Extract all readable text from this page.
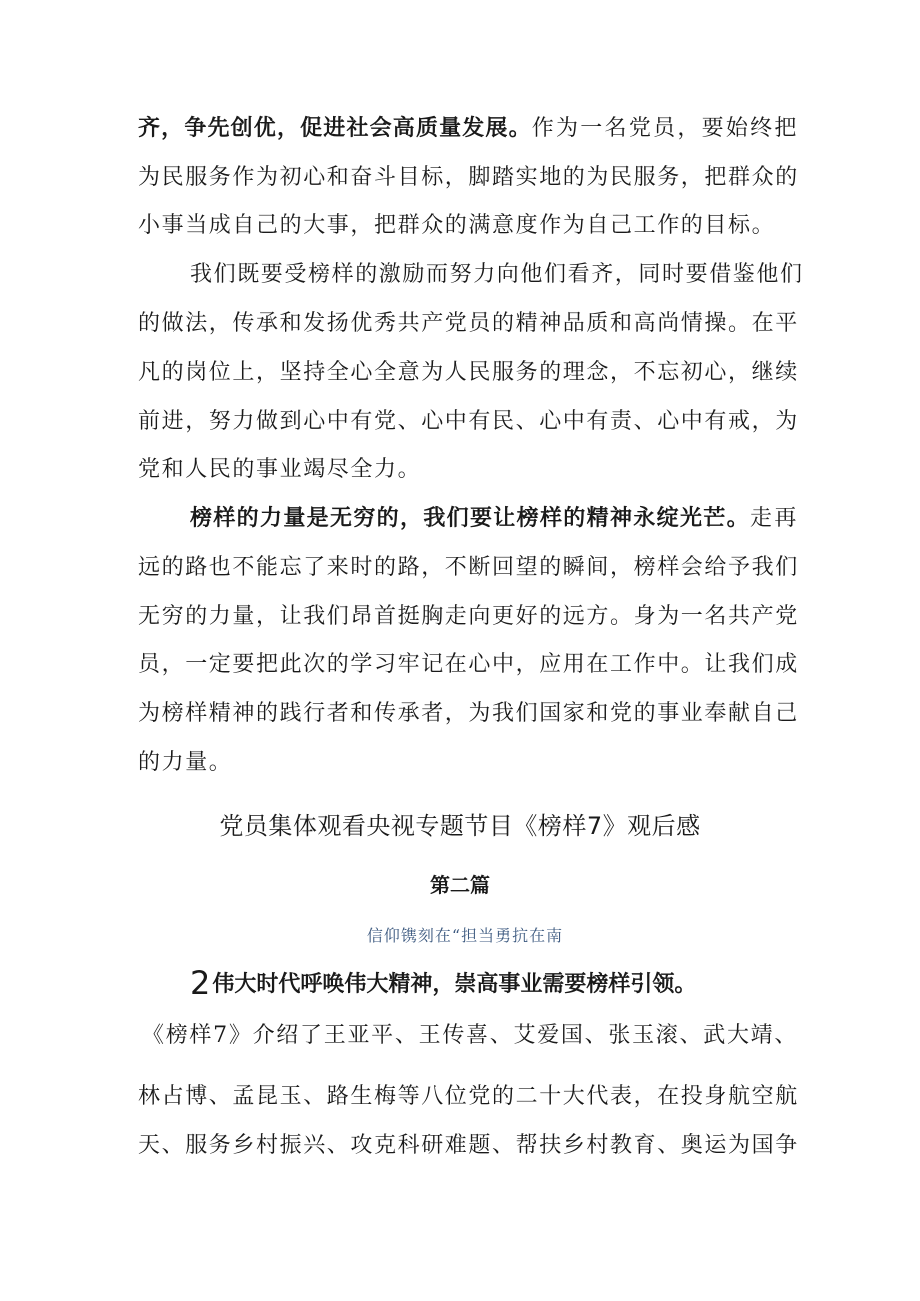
齐，争先创优，促进社会高质量发展。作为一名党员，要始终把
为民服务作为初心和奋斗目标，脚踏实地的为民服务，把群众的
小事当成自己的大事，把群众的满意度作为自己工作的目标。
我们既要受榜样的激励而努力向他们看齐，同时要借鉴他们
的做法，传承和发扬优秀共产党员的精神品质和高尚情操。在平
凡的岗位上，坚持全心全意为人民服务的理念，不忘初心，继续
前进，努力做到心中有党、心中有民、心中有责、心中有戒，为
党和人民的事业竭尽全力。
榜样的力量是无穷的，我们要让榜样的精神永绽光芒。走再
远的路也不能忘了来时的路，不断回望的瞬间，榜样会给予我们
无穷的力量，让我们昂首挺胸走向更好的远方。身为一名共产党
员，一定要把此次的学习牢记在心中，应用在工作中。让我们成
为榜样精神的践行者和传承者，为我们国家和党的事业奉献自己
的力量。
党员集体观看央视专题节目《榜样7》观后感
第二篇
信仰镌刻在“担当勇抗在南
2伟大时代呼唤伟大精神，崇高事业需要榜样引领。
《榜样7》介绍了王亚平、王传喜、艾爱国、张玉滚、武大靖、
林占博、孟昆玉、路生梅等八位党的二十大代表，在投身航空航
天、服务乡村振兴、攻克科研难题、帮扶乡村教育、奥运为国争
